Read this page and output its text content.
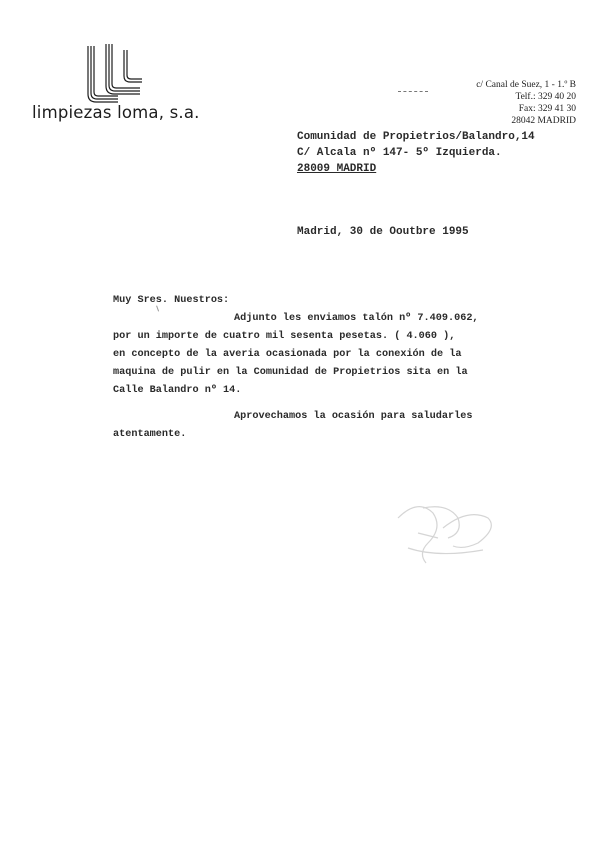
limpiezas loma, s.a.
c/ Canal de Suez, 1 - 1.º B
Telf.: 329 40 20
Fax: 329 41 30
28042 MADRID
Comunidad de Propietrios/Balandro,14
C/ Alcala nº 147- 5º Izquierda.
28009 MADRID
Madrid, 30 de Ooutbre 1995
Muy Sres. Nuestros:
Adjunto les enviamos talón nº 7.409.062,
por un importe de cuatro mil sesenta pesetas. ( 4.060 ),
en concepto de la averia ocasionada por la conexión de la
maquina de pulir en la Comunidad de Propietrios sita en la
Calle Balandro nº 14.
Aprovechamos la ocasión para saludarles
atentamente.
